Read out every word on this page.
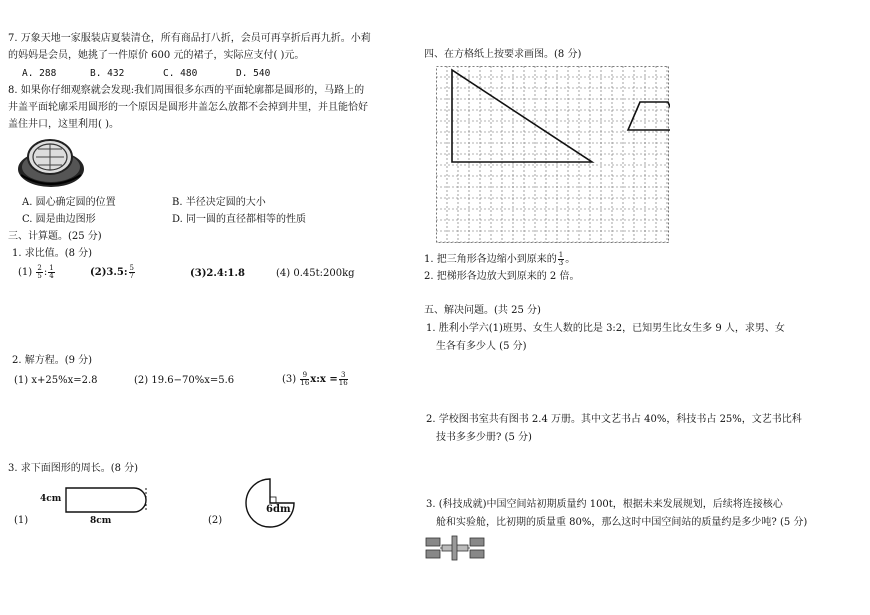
7. 万象天地一家服装店夏装清仓，所有商品打八折，会员可再享折后再九折。小莉
的妈妈是会员，她挑了一件原价 600 元的裙子，实际应支付( )元。
A. 288	B. 432	C. 480	D. 540
8. 如果你仔细观察就会发现:我们周围很多东西的平面轮廓都是圆形的，马路上的
井盖平面轮廓采用圆形的一个原因是圆形井盖怎么放都不会掉到井里，并且能恰好
盖住井口，这里利用( )。
A. 圆心确定圆的位置	B. 半径决定圆的大小
C. 圆是曲边图形	D. 同一圆的直径都相等的性质
三、计算题。(25 分)
1. 求比值。(8 分)
$(1) \frac{2}{5}$ : $\frac{1}{4}$	(2)3.5: $\frac{5}{7}$	(3)2.4:1.8	(4) 0.45t:200kg
2. 解方程。(9 分)
(1) x+25%x=2.8	(2) 19.6−70%x=5.6	$(3) \frac{9}{16}$ x:x = $\frac{3}{16}$
3. 求下面图形的周长。(8 分)
(1)
4cm
8cm	(2)
6dm
四、在方格纸上按要求画图。(8 分)
1. 把三角形各边缩小到原来的 $\frac{1}{3}$ 。
2. 把梯形各边放大到原来的 2 倍。
五、解决问题。(共 25 分)
1. 胜利小学六(1)班男、女生人数的比是 3:2，已知男生比女生多 9 人，求男、女
生各有多少人 (5 分)
2. 学校图书室共有图书 2.4 万册。其中文艺书占 40%，科技书占 25%，文艺书比科
技书多多少册? (5 分)
3. (科技成就)中国空间站初期质量约 100t，根据未来发展规划，后续将连接核心
舱和实验舱，比初期的质量重 80%，那么这时中国空间站的质量约是多少吨? (5 分)
